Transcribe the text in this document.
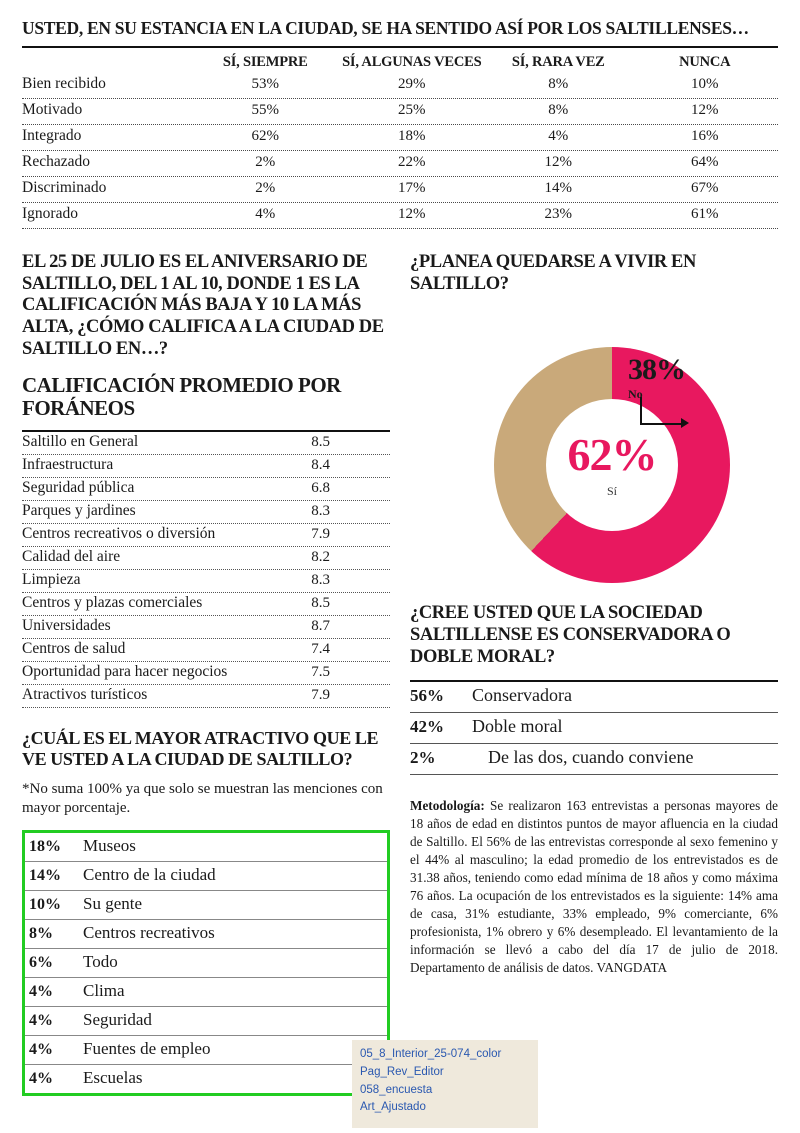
USTED, EN SU ESTANCIA EN LA CIUDAD, SE HA SENTIDO ASÍ POR LOS SALTILLENSES…
SÍ, SIEMPRE	SÍ, ALGUNAS VECES	SÍ, RARA VEZ	NUNCA
Bien recibido	53%	29%	8%	10%
Motivado	55%	25%	8%	12%
Integrado	62%	18%	4%	16%
Rechazado	2%	22%	12%	64%
Discriminado	2%	17%	14%	67%
Ignorado	4%	12%	23%	61%
EL 25 DE JULIO ES EL ANIVERSARIO DE SALTILLO, DEL 1 AL 10, DONDE 1 ES LA CALIFICACIÓN MÁS BAJA Y 10 LA MÁS ALTA, ¿CÓMO CALIFICA A LA CIUDAD DE SALTILLO EN…?
CALIFICACIÓN PROMEDIO POR FORÁNEOS
Saltillo en General	8.5
Infraestructura	8.4
Seguridad pública	6.8
Parques y jardines	8.3
Centros recreativos o diversión	7.9
Calidad del aire	8.2
Limpieza	8.3
Centros y plazas comerciales	8.5
Universidades	8.7
Centros de salud	7.4
Oportunidad para hacer negocios	7.5
Atractivos turísticos	7.9
¿CUÁL ES EL MAYOR ATRACTIVO QUE LE VE USTED A LA CIUDAD DE SALTILLO?
*No suma 100% ya que solo se muestran las menciones con mayor porcentaje.
18%	Museos
14%	Centro de la ciudad
10%	Su gente
8%	Centros recreativos
6%	Todo
4%	Clima
4%	Seguridad
4%	Fuentes de empleo
4%	Escuelas
¿PLANEA QUEDARSE A VIVIR EN SALTILLO?
62%
Sí
38%
No
¿CREE USTED QUE LA SOCIEDAD SALTILLENSE ES CONSERVADORA O DOBLE MORAL?
56%	Conservadora
42%	Doble moral
2%	De las dos, cuando conviene
Metodología: Se realizaron 163 entrevistas a personas mayores de 18 años de edad en distintos puntos de mayor afluencia en la ciudad de Saltillo. El 56% de las entrevistas corresponde al sexo femenino y el 44% al masculino; la edad promedio de los entrevistados es de 31.38 años, teniendo como edad mínima de 18 años y como máxima 76 años. La ocupación de los entrevistados es la siguiente: 14% ama de casa, 31% estudiante, 33% empleado, 9% comerciante, 6% profesionista, 1% obrero y 6% desempleado. El levantamiento de la información se llevó a cabo del día 17 de julio de 2018. Departamento de análisis de datos. VANGDATA
05_8_Interior_25-074_color
Pag_Rev_Editor
058_encuesta
Art_Ajustado
